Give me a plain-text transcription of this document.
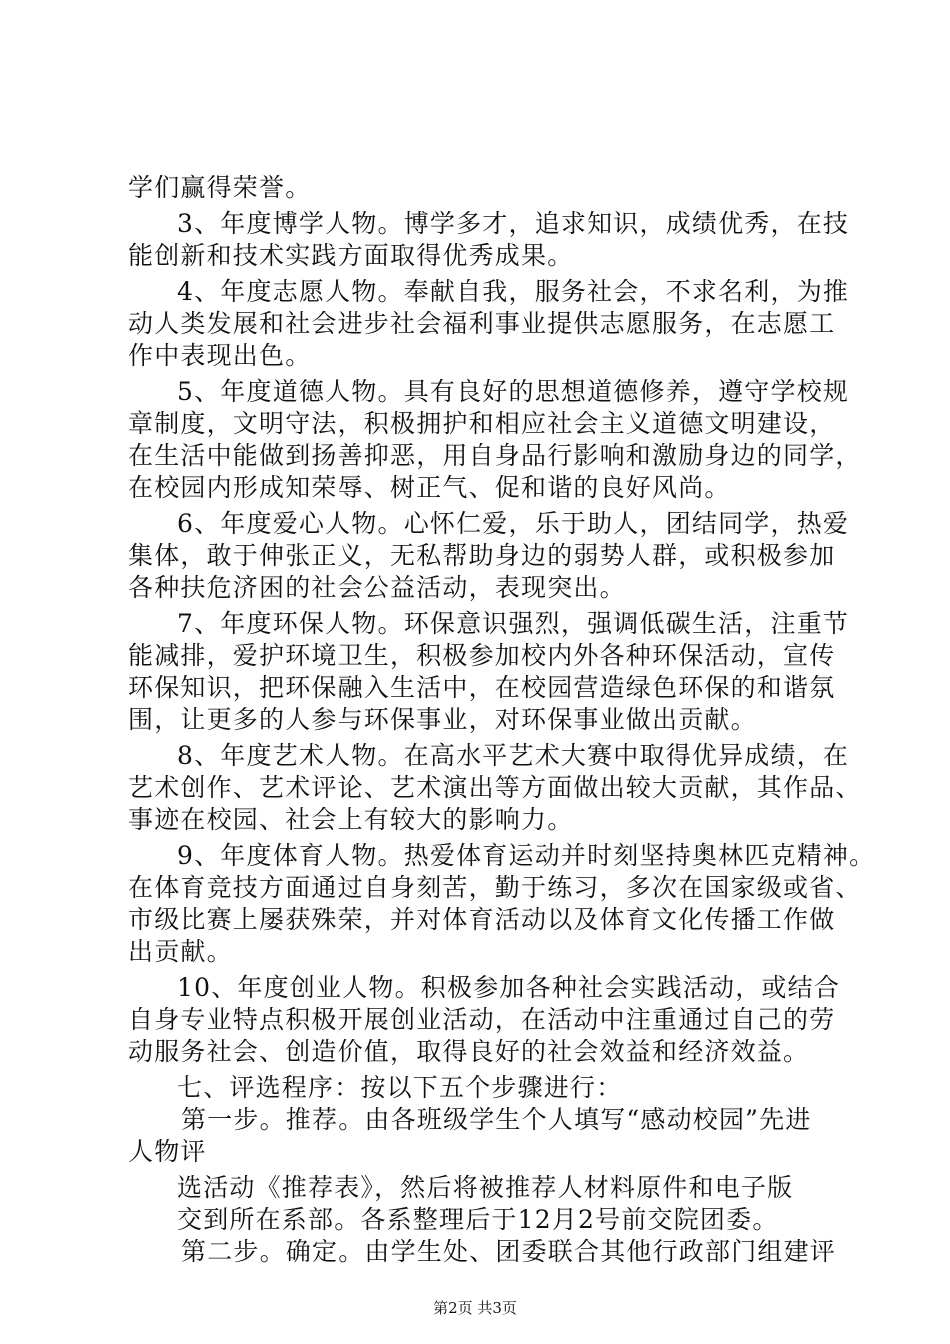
学们赢得荣誉。
3、年度博学人物。博学多才，追求知识，成绩优秀，在技
能创新和技术实践方面取得优秀成果。
4、年度志愿人物。奉献自我，服务社会，不求名利，为推
动人类发展和社会进步社会福利事业提供志愿服务，在志愿工
作中表现出色。
5、年度道德人物。具有良好的思想道德修养，遵守学校规
章制度，文明守法，积极拥护和相应社会主义道德文明建设，
在生活中能做到扬善抑恶，用自身品行影响和激励身边的同学，
在校园内形成知荣辱、树正气、促和谐的良好风尚。
6、年度爱心人物。心怀仁爱，乐于助人，团结同学，热爱
集体，敢于伸张正义，无私帮助身边的弱势人群，或积极参加
各种扶危济困的社会公益活动，表现突出。
7、年度环保人物。环保意识强烈，强调低碳生活，注重节
能减排，爱护环境卫生，积极参加校内外各种环保活动，宣传
环保知识，把环保融入生活中，在校园营造绿色环保的和谐氛
围，让更多的人参与环保事业，对环保事业做出贡献。
8、年度艺术人物。在高水平艺术大赛中取得优异成绩，在
艺术创作、艺术评论、艺术演出等方面做出较大贡献，其作品、
事迹在校园、社会上有较大的影响力。
9、年度体育人物。热爱体育运动并时刻坚持奥林匹克精神。
在体育竞技方面通过自身刻苦，勤于练习，多次在国家级或省、
市级比赛上屡获殊荣，并对体育活动以及体育文化传播工作做
出贡献。
10、年度创业人物。积极参加各种社会实践活动，或结合
自身专业特点积极开展创业活动，在活动中注重通过自己的劳
动服务社会、创造价值，取得良好的社会效益和经济效益。
七、评选程序：按以下五个步骤进行：
第一步。推荐。由各班级学生个人填写“感动校园”先进
人物评
选活动《推荐表》，然后将被推荐人材料原件和电子版
交到所在系部。各系整理后于12月2号前交院团委。
第二步。确定。由学生处、团委联合其他行政部门组建评
第2页 共3页
